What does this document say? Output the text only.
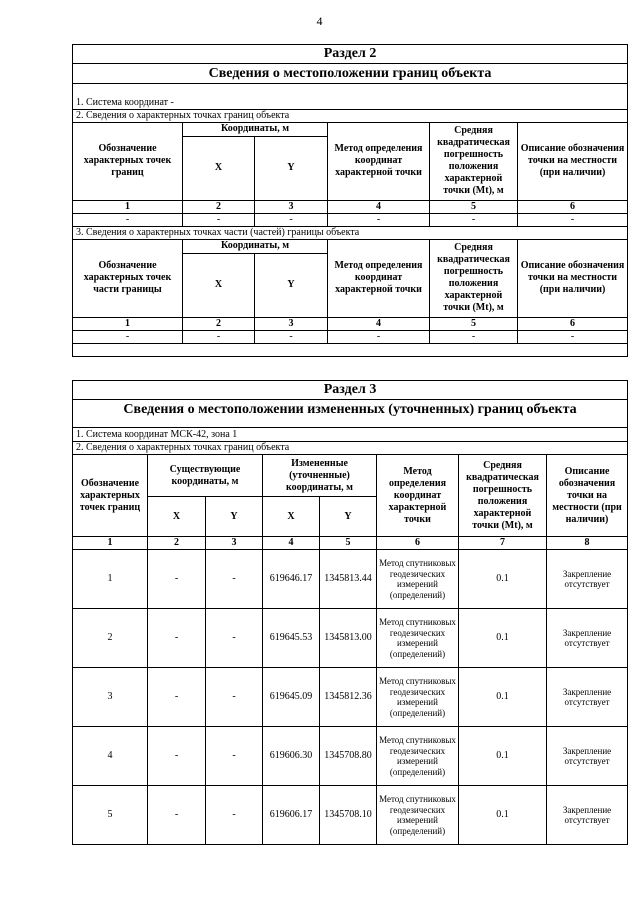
4
Раздел 2					
Сведения о местоположении границ объекта					

1. Система координат -					
2. Сведения о характерных точках границ объекта					
Обозначение характерных точек границ	Координаты, м		Метод определения координат характерной точки	Средняя квадратическая погрешность положения характерной точки (Mt), м	Описание обозначения точки на местности (при наличии)
	X	Y			
1	2	3	4	5	6
-	-	-	-	-	-
3. Сведения о характерных точках части (частей) границы объекта					
Обозначение характерных точек части границы	Координаты, м		Метод определения координат характерной точки	Средняя квадратическая погрешность положения характерной точки (Mt), м	Описание обозначения точки на местности (при наличии)
	X	Y			
1	2	3	4	5	6
-	-	-	-	-	-

Раздел 3							
Сведения о местоположении измененных (уточненных) границ объекта							
1. Система координат МСК-42, зона 1							
2. Сведения о характерных точках границ объекта							
Обозначение характерных точек границ	Существующие координаты, м		Измененные (уточненные) координаты, м		Метод определения координат характерной точки	Средняя квадратическая погрешность положения характерной точки (Mt), м	Описание обозначения точки на местности (при наличии)
	X	Y	X	Y			
1	2	3	4	5	6	7	8
1	-	-	619646.17	1345813.44	Метод спутниковых геодезических измерений (определений)	0.1	Закрепление отсутствует
2	-	-	619645.53	1345813.00	Метод спутниковых геодезических измерений (определений)	0.1	Закрепление отсутствует
3	-	-	619645.09	1345812.36	Метод спутниковых геодезических измерений (определений)	0.1	Закрепление отсутствует
4	-	-	619606.30	1345708.80	Метод спутниковых геодезических измерений (определений)	0.1	Закрепление отсутствует
5	-	-	619606.17	1345708.10	Метод спутниковых геодезических измерений (определений)	0.1	Закрепление отсутствует
